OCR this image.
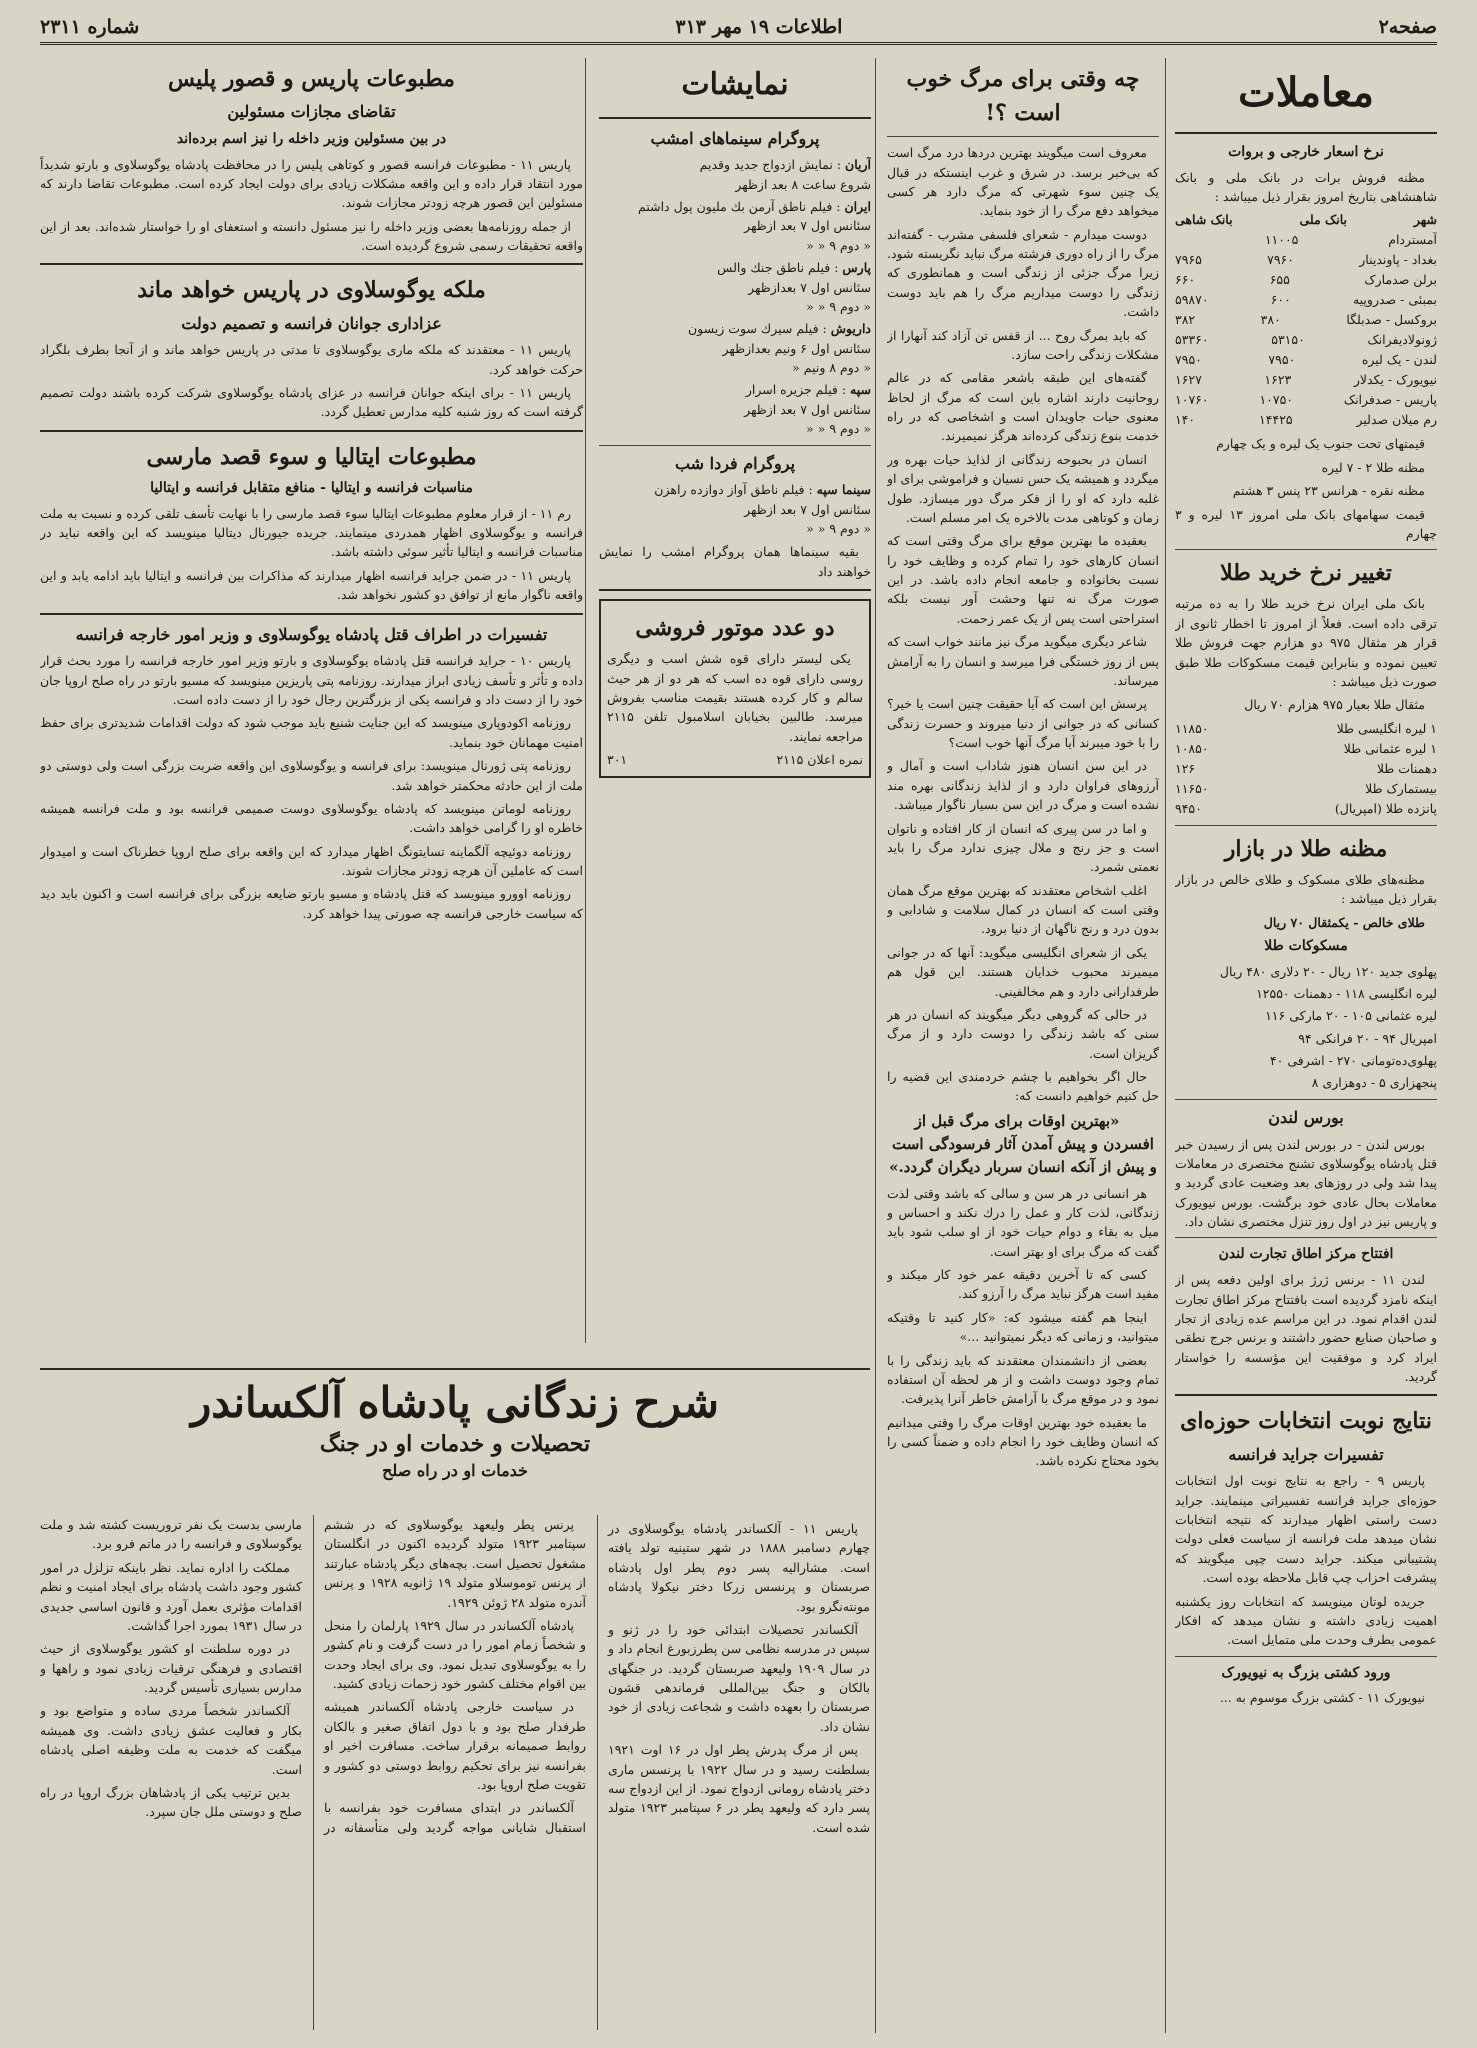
صفحه۲
اطلاعات ۱۹ مهر ۳۱۳
شماره ۲۳۱۱
معاملات
نرخ اسعار خارجی و بروات

مظنه فروش برات در بانک ملی و بانک شاهنشاهی بتاریخ امروز بقرار ذیل میباشد :

شهر
بانک ملی
بانک شاهی
آمستردام
۱۱۰۰۵
بغداد - پاوندینار
۷۹۶۰
۷۹۶۵
برلن صدمارک
۶۵۵
۶۶۰
بمبئی - صدروپیه
۶۰۰
۵۹۸۷۰
بروکسل - صدبلگا
۳۸۰
۳۸۲
ژونولادیفرانک
۵۳۱۵۰
۵۳۳۶۰
لندن - یک لیره
۷۹۵۰
۷۹۵۰
نیویورک - یکدلار
۱۶۲۳
۱۶۲۷
پاریس - صدفرانک
۱۰۷۵۰
۱۰۷۶۰
رم میلان صدلیر
۱۴۴۲۵
۱۴۰

قیمتهای تحت جنوب یک لیره و یک چهارم

مظنه طلا ۲ - ۷ لیره

مظنه نقره - هرانس ۲۳ پنس ۳ هشتم

قیمت سهامهای بانک ملی امروز ۱۳ لیره و ۳ چهارم

تغییر نرخ خرید طلا

بانک ملی ایران نرخ خرید طلا را به ده مرتبه ترقی داده است. فعلاً از امروز تا اخطار ثانوی از قرار هر مثقال ۹۷۵ دو هزارم جهت فروش طلا تعیین نموده و بنابراین قیمت مسکوکات طلا طبق صورت ذیل میباشد :

مثقال طلا بعیار ۹۷۵ هزارم ۷۰ ریال

۱ لیره انگلیسی طلا
۱۱۸۵۰
۱ لیره عثمانی طلا
۱۰۸۵۰
دهمنات طلا
۱۲۶
بیستمارک طلا
۱۱۶۵۰
پانزده طلا (امپریال)
۹۴۵۰
مظنه طلا در بازار

مظنه‌های طلای مسکوک و طلای خالص در بازار بقرار ذیل میباشد :

طلای خالص - یکمثقال ۷۰ ریال

مسکوکات طلا
پهلوی جدید ۱۲۰ ریال - ۲۰ دلاری ۴۸۰ ریال
لیره انگلیسی ۱۱۸ - دهمنات ۱۲۵۵۰
لیره عثمانی ۱۰۵ - ۲۰ مارکی ۱۱۶
امپریال ۹۴ - ۲۰ فرانکی ۹۴
پهلوی‌ده‌تومانی ۲۷۰ - اشرفی ۴۰
پنجهزاری ۵ - دوهزاری ۸
بورس لندن

بورس لندن - در بورس لندن پس از رسیدن خبر قتل پادشاه یوگوسلاوی تشنج مختصری در معاملات پیدا شد ولی در روزهای بعد وضعیت عادی گردید و معاملات بحال عادی خود برگشت. بورس نیویورک و پاریس نیز در اول روز تنزل مختصری نشان داد.

افتتاح مرکز اطاق تجارت لندن

لندن ۱۱ - برنس ژرژ برای اولین دفعه پس از اینکه نامزد گردیده است بافتتاح مرکز اطاق تجارت لندن اقدام نمود. در این مراسم عده زیادی از تجار و صاحبان صنایع حضور داشتند و برنس جرج نطقی ایراد کرد و موفقیت این مؤسسه را خواستار گردید.

نتایج نوبت انتخابات حوزه‌ای
تفسیرات جراید فرانسه

پاریس ۹ - راجع به نتایج نوبت اول انتخابات حوزه‌ای جراید فرانسه تفسیراتی مینمایند. جراید دست راستی اظهار میدارند که نتیجه انتخابات نشان میدهد ملت فرانسه از سیاست فعلی دولت پشتیبانی میکند. جراید دست چپی میگویند که پیشرفت احزاب چپ قابل ملاحظه بوده است.

جریده لوتان مینویسد که انتخابات روز یکشنبه اهمیت زیادی داشته و نشان میدهد که افکار عمومی بطرف وحدت ملی متمایل است.

ورود کشتی بزرگ به نیویورک

نیویورک ۱۱ - کشتی بزرگ موسوم به ...

چه وقتی برای مرگ خوب است ؟!

معروف است میگویند بهترین دردها درد مرگ است که بی‌خبر برسد. در شرق و غرب اینستکه در قبال یک چنین سوء شهرتی که مرگ دارد هر کسی میخواهد دفع مرگ را از خود بنماید.

دوست میدارم - شعرای فلسفی مشرب - گفته‌اند مرگ را از راه دوری فرشته مرگ نباید نگریسته شود. زیرا مرگ جزئی از زندگی است و همانطوری که زندگی را دوست میداریم مرگ را هم باید دوست داشت.

که باید بمرگ روح ... از قفس تن آزاد کند آنهارا از مشکلات زندگی راحت سازد.

گفته‌های این طبقه باشعر مقامی که در عالم روحانیت دارند اشاره باین است که مرگ از لحاظ معنوی حیات جاویدان است و اشخاصی که در راه خدمت بنوع زندگی کرده‌اند هرگز نمیمیرند.

انسان در بحبوحه زندگانی از لذایذ حیات بهره ور میگردد و همیشه یک حس نسیان و فراموشی برای او غلبه دارد که او را از فکر مرگ دور میسازد. طول زمان و کوتاهی مدت بالاخره یک امر مسلم است.

بعقیده ما بهترین موقع برای مرگ وقتی است که انسان کارهای خود را تمام کرده و وظایف خود را نسبت بخانواده و جامعه انجام داده باشد. در این صورت مرگ نه تنها وحشت آور نیست بلکه استراحتی است پس از یک عمر زحمت.

شاعر دیگری میگوید مرگ نیز مانند خواب است که پس از روز خستگی فرا میرسد و انسان را به آرامش میرساند.

پرسش این است که آیا حقیقت چنین است یا خیر؟ کسانی که در جوانی از دنیا میروند و حسرت زندگی را با خود میبرند آیا مرگ آنها خوب است؟

در این سن انسان هنوز شاداب است و آمال و آرزوهای فراوان دارد و از لذایذ زندگانی بهره مند نشده است و مرگ در این سن بسیار ناگوار میباشد.

و اما در سن پیری که انسان از کار افتاده و ناتوان است و جز رنج و ملال چیزی ندارد مرگ را باید نعمتی شمرد.

اغلب اشخاص معتقدند که بهترین موقع مرگ همان وقتی است که انسان در کمال سلامت و شادابی و بدون درد و رنج ناگهان از دنیا برود.

یکی از شعرای انگلیسی میگوید: آنها که در جوانی میمیرند محبوب خدایان هستند. این قول هم طرفدارانی دارد و هم مخالفینی.

در حالی که گروهی دیگر میگویند که انسان در هر سنی که باشد زندگی را دوست دارد و از مرگ گریزان است.

حال اگر بخواهیم با چشم خردمندی این قضیه را حل کنیم خواهیم دانست که:

«بهترین اوقات برای مرگ قبل از افسردن و پیش‌ آمدن آثار فرسودگی است و پیش از آنکه انسان سربار دیگران گردد.»

هر انسانی در هر سن و سالی که باشد وقتی لذت زندگانی، لذت کار و عمل را درك نکند و احساس و میل به بقاء و دوام حیات خود از او سلب شود باید گفت که مرگ برای او بهتر است.

کسی که تا آخرین دقیقه عمر خود کار میکند و مفید است هرگز نباید مرگ را آرزو کند.

اینجا هم گفته میشود که: «کار کنید تا وقتیکه میتوانید، و زمانی که دیگر نمیتوانید ...»

بعضی از دانشمندان معتقدند که باید زندگی را با تمام وجود دوست داشت و از هر لحظه آن استفاده نمود و در موقع مرگ با آرامش خاطر آنرا پذیرفت.

ما بعقیده خود بهترین اوقات مرگ را وقتی میدانیم که انسان وظایف خود را انجام داده و ضمناً کسی را بخود محتاج نکرده باشد.

نمایشات
پروگرام سینماهای امشب
آریان : نمایش ازدواج جدید وقدیم
شروع ساعت ۸ بعد ازظهر
ایران : فیلم ناطق آرمن بك ملیون پول داشتم
سئانس اول ۷ بعد ازظهر
« دوم ۹ « «
پارس : فیلم ناطق جنك والس
سئانس اول ۷ بعدازظهر
« دوم ۹ « «
داریوش : فیلم سیرك سوت زیسون
سئانس اول ۶ ونیم بعدازظهر
« دوم ۸ ونیم «
سپه : فیلم جزیره اسرار
سئانس اول ۷ بعد ازظهر
« دوم ۹ « «
پروگرام فردا شب
سینما سپه : فیلم ناطق آواز دوازده راهزن
سئانس اول ۷ بعد ازظهر
« دوم ۹ « «

بقیه سینماها همان پروگرام امشب را نمایش خواهند داد

دو عدد موتور فروشی

یکی لیستر دارای قوه شش اسب و دیگری روسی دارای قوه ده اسب که هر دو از هر حیث سالم و کار کرده هستند بقیمت مناسب بفروش میرسد. طالبین بخیابان اسلامبول تلفن ۲۱۱۵ مراجعه نمایند.

نمره اعلان ۲۱۱۵
۳۰۱
مطبوعات پاریس و قصور پلیس
تقاضای مجازات مسئولین
در بین مسئولین وزیر داخله را نیز اسم برده‌اند

پاریس ۱۱ - مطبوعات فرانسه قصور و کوتاهی پلیس را در محافظت پادشاه یوگوسلاوی و بارتو شدیداً مورد انتقاد قرار داده و این واقعه مشکلات زیادی برای دولت ایجاد کرده است. مطبوعات تقاضا دارند که مسئولین این قصور هرچه زودتر مجازات شوند.

از جمله روزنامه‌ها بعضی وزیر داخله را نیز مسئول دانسته و استعفای او را خواستار شده‌اند. بعد از این واقعه تحقیقات رسمی شروع گردیده است.

ملکه یوگوسلاوی در پاریس خواهد ماند
عزاداری جوانان فرانسه و تصمیم دولت

پاریس ۱۱ - معتقدند که ملکه ماری یوگوسلاوی تا مدتی در پاریس خواهد ماند و از آنجا بطرف بلگراد حرکت خواهد کرد.

پاریس ۱۱ - برای اینکه جوانان فرانسه در عزای پادشاه یوگوسلاوی شرکت کرده باشند دولت تصمیم گرفته است که روز شنبه کلیه مدارس تعطیل گردد.

مطبوعات ایتالیا و سوء قصد مارسی
مناسبات فرانسه و ایتالیا - منافع متقابل فرانسه و ایتالیا

رم ۱۱ - از قرار معلوم مطبوعات ایتالیا سوء قصد مارسی را با نهایت تأسف تلقی کرده و نسبت به ملت فرانسه و یوگوسلاوی اظهار همدردی مینمایند. جریده جیورنال دیتالیا مینویسد که این واقعه نباید در مناسبات فرانسه و ایتالیا تأثیر سوئی داشته باشد.

پاریس ۱۱ - در ضمن جراید فرانسه اظهار میدارند که مذاکرات بین فرانسه و ایتالیا باید ادامه یابد و این واقعه ناگوار مانع از توافق دو کشور نخواهد شد.

تفسیرات در اطراف قتل پادشاه یوگوسلاوی و وزیر امور خارجه فرانسه

پاریس ۱۰ - جراید فرانسه قتل پادشاه یوگوسلاوی و بارتو وزیر امور خارجه فرانسه را مورد بحث قرار داده و تأثر و تأسف زیادی ابراز میدارند. روزنامه پتی پاریزین مینویسد که مسیو بارتو در راه صلح اروپا جان خود را از دست داد و فرانسه یکی از بزرگترین رجال خود را از دست داده است.

روزنامه اکودوپاری مینویسد که این جنایت شنیع باید موجب شود که دولت اقدامات شدیدتری برای حفظ امنیت مهمانان خود بنماید.

روزنامه پتی ژورنال مینویسد: برای فرانسه و یوگوسلاوی این واقعه ضربت بزرگی است ولی دوستی دو ملت از این حادثه محکمتر خواهد شد.

روزنامه لوماتن مینویسد که پادشاه یوگوسلاوی دوست صمیمی فرانسه بود و ملت فرانسه همیشه خاطره او را گرامی خواهد داشت.

روزنامه دوئیچه آلگماینه تسایتونگ اظهار میدارد که این واقعه برای صلح اروپا خطرناک است و امیدوار است که عاملین آن هرچه زودتر مجازات شوند.

روزنامه اوورو مینویسد که قتل پادشاه و مسیو بارتو ضایعه بزرگی برای فرانسه است و اکنون باید دید که سیاست خارجی فرانسه چه صورتی پیدا خواهد کرد.

شرح زندگانی پادشاه آلکساندر
تحصیلات و خدمات او در جنگ
خدمات او در راه صلح

پاریس ۱۱ - آلکساندر پادشاه یوگوسلاوی در چهارم دسامبر ۱۸۸۸ در شهر ستینیه تولد یافته است. مشارالیه پسر دوم پطر اول پادشاه صربستان و پرنسس زرکا دختر نیکولا پادشاه مونته‌نگرو بود.

آلکساندر تحصیلات ابتدائی خود را در ژنو و سپس در مدرسه نظامی سن پطرزبورغ انجام داد و در سال ۱۹۰۹ ولیعهد صربستان گردید. در جنگهای بالکان و جنگ بین‌المللی فرماندهی قشون صربستان را بعهده داشت و شجاعت زیادی از خود نشان داد.

پس از مرگ پدرش پطر اول در ۱۶ اوت ۱۹۲۱ بسلطنت رسید و در سال ۱۹۲۲ با پرنسس ماری دختر پادشاه رومانی ازدواج نمود. از این ازدواج سه پسر دارد که ولیعهد پطر در ۶ سپتامبر ۱۹۲۳ متولد شده است.

پرنس پطر ولیعهد یوگوسلاوی که در ششم سپتامبر ۱۹۲۳ متولد گردیده اکنون در انگلستان مشغول تحصیل است. بچه‌های دیگر پادشاه عبارتند از پرنس توموسلاو متولد ۱۹ ژانویه ۱۹۲۸ و پرنس آندره متولد ۲۸ ژوئن ۱۹۲۹.

پادشاه آلکساندر در سال ۱۹۲۹ پارلمان را منحل و شخصاً زمام امور را در دست گرفت و نام کشور را به یوگوسلاوی تبدیل نمود. وی برای ایجاد وحدت بین اقوام مختلف کشور خود زحمات زیادی کشید.

در سیاست خارجی پادشاه آلکساندر همیشه طرفدار صلح بود و با دول اتفاق صغیر و بالکان روابط صمیمانه برقرار ساخت. مسافرت اخیر او بفرانسه نیز برای تحکیم روابط دوستی دو کشور و تقویت صلح اروپا بود.

آلکساندر در ابتدای مسافرت خود بفرانسه با استقبال شایانی مواجه گردید ولی متأسفانه در مارسی بدست یک نفر تروریست کشته شد و ملت یوگوسلاوی و فرانسه را در ماتم فرو برد.

مملکت را اداره نماید. نظر باینکه تزلزل در امور کشور وجود داشت پادشاه برای ایجاد امنیت و نظم اقدامات مؤثری بعمل آورد و قانون اساسی جدیدی در سال ۱۹۳۱ بمورد اجرا گذاشت.

در دوره سلطنت او کشور یوگوسلاوی از حیث اقتصادی و فرهنگی ترقیات زیادی نمود و راهها و مدارس بسیاری تأسیس گردید.

آلکساندر شخصاً مردی ساده و متواضع بود و بکار و فعالیت عشق زیادی داشت. وی همیشه میگفت که خدمت به ملت وظیفه اصلی پادشاه است.

بدین ترتیب یکی از پادشاهان بزرگ اروپا در راه صلح و دوستی ملل جان سپرد.
